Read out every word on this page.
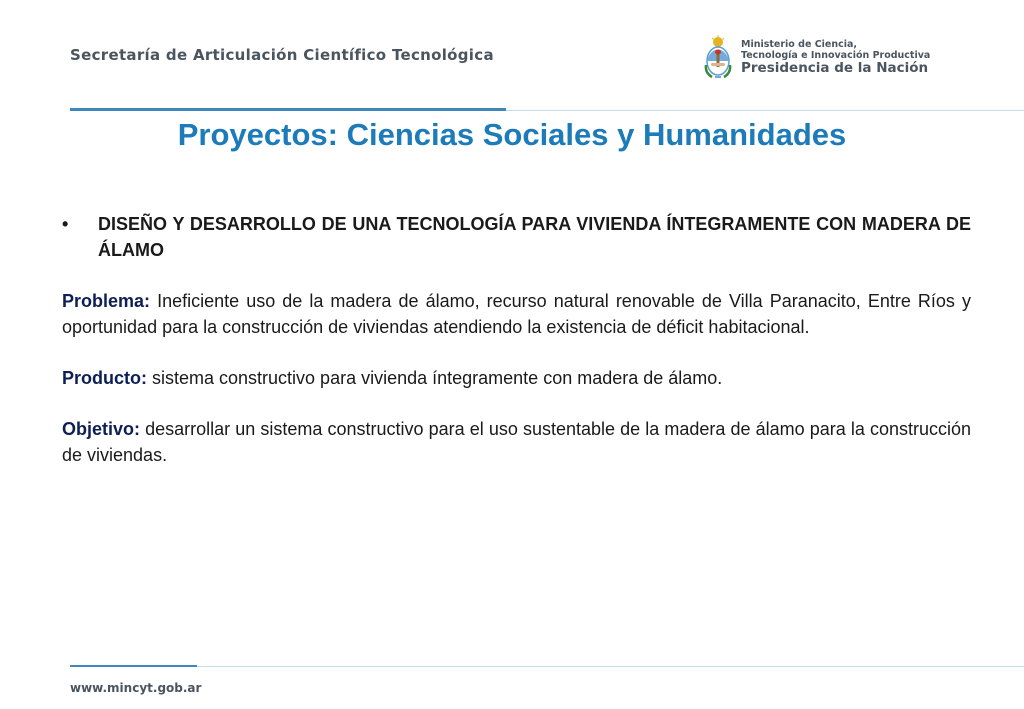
Secretaría de Articulación Científico Tecnológica
Ministerio de Ciencia,
Tecnología e Innovación Productiva
Presidencia de la Nación
Proyectos: Ciencias Sociales y Humanidades
• DISEÑO Y DESARROLLO DE UNA TECNOLOGÍA PARA VIVIENDA ÍNTEGRAMENTE CON MADERA DE ÁLAMO

Problema: Ineficiente uso de la madera de álamo, recurso natural renovable de Villa Paranacito, Entre Ríos y oportunidad para la construcción de viviendas atendiendo la existencia de déficit habitacional.

Producto: sistema constructivo para vivienda íntegramente con madera de álamo.

Objetivo: desarrollar un sistema constructivo para el uso sustentable de la madera de álamo para la construcción de viviendas.

www.mincyt.gob.ar
